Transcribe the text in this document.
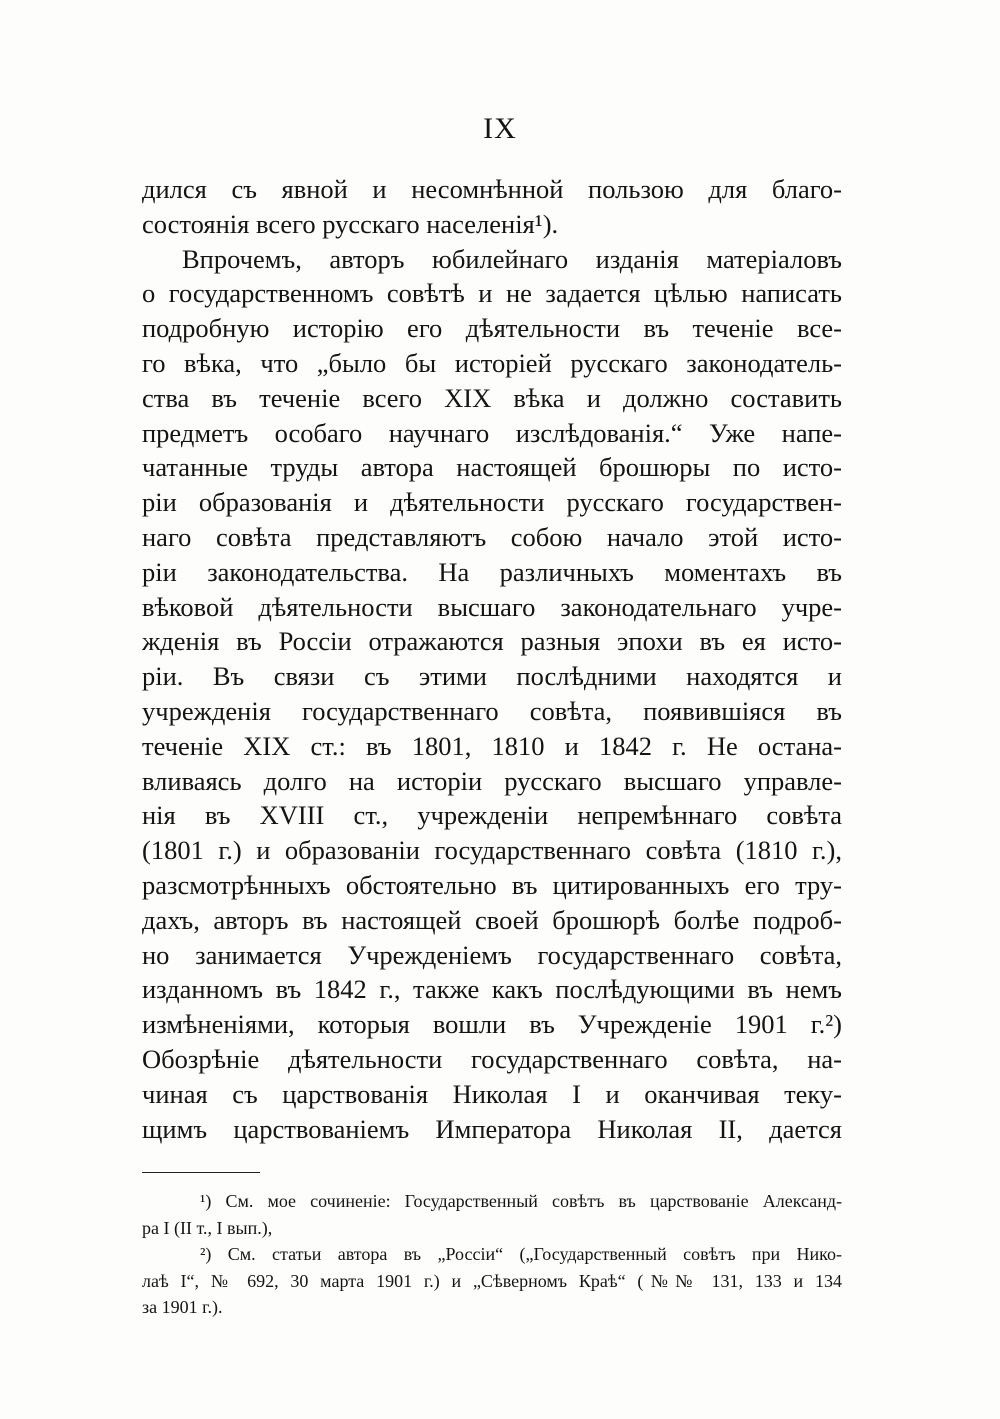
IX
дился съ явной и несомнѣнной пользою для благо-
состоянія всего русскаго населенія¹).
Впрочемъ, авторъ юбилейнаго изданія матеріаловъ
о государственномъ совѣтѣ и не задается цѣлью написать
подробную исторію его дѣятельности въ теченіе все-
го вѣка, что „было бы исторіей русскаго законодатель-
ства въ теченіе всего XIX вѣка и должно составить
предметъ особаго научнаго изслѣдованія.“ Уже напе-
чатанные труды автора настоящей брошюры по исто-
ріи образованія и дѣятельности русскаго государствен-
наго совѣта представляютъ собою начало этой исто-
ріи законодательства. На различныхъ моментахъ въ
вѣковой дѣятельности высшаго законодательнаго учре-
жденія въ Россіи отражаются разныя эпохи въ ея исто-
ріи. Въ связи съ этими послѣдними находятся и
учрежденія государственнаго совѣта, появившіяся въ
теченіе XIX ст.: въ 1801, 1810 и 1842 г. Не остана-
вливаясь долго на исторіи русскаго высшаго управле-
нія въ XVIII ст., учрежденіи непремѣннаго совѣта
(1801 г.) и образованіи государственнаго совѣта (1810 г.),
разсмотрѣнныхъ обстоятельно въ цитированныхъ его тру-
дахъ, авторъ въ настоящей своей брошюрѣ болѣе подроб-
но занимается Учрежденіемъ государственнаго совѣта,
изданномъ въ 1842 г., также какъ послѣдующими въ немъ
измѣненіями, которыя вошли въ Учрежденіе 1901 г.²)
Обозрѣніе дѣятельности государственнаго совѣта, на-
чиная съ царствованія Николая I и оканчивая теку-
щимъ царствованіемъ Императора Николая II, дается
¹) См. мое сочиненіе: Государственный совѣтъ въ царствованіе Александ-
ра I (II т., I вып.),
²) См. статьи автора въ „Россіи“ („Государственный совѣтъ при Нико-
лаѣ I“, № 692, 30 марта 1901 г.) и „Сѣверномъ Краѣ“ (№№ 131, 133 и 134
за 1901 г.).
